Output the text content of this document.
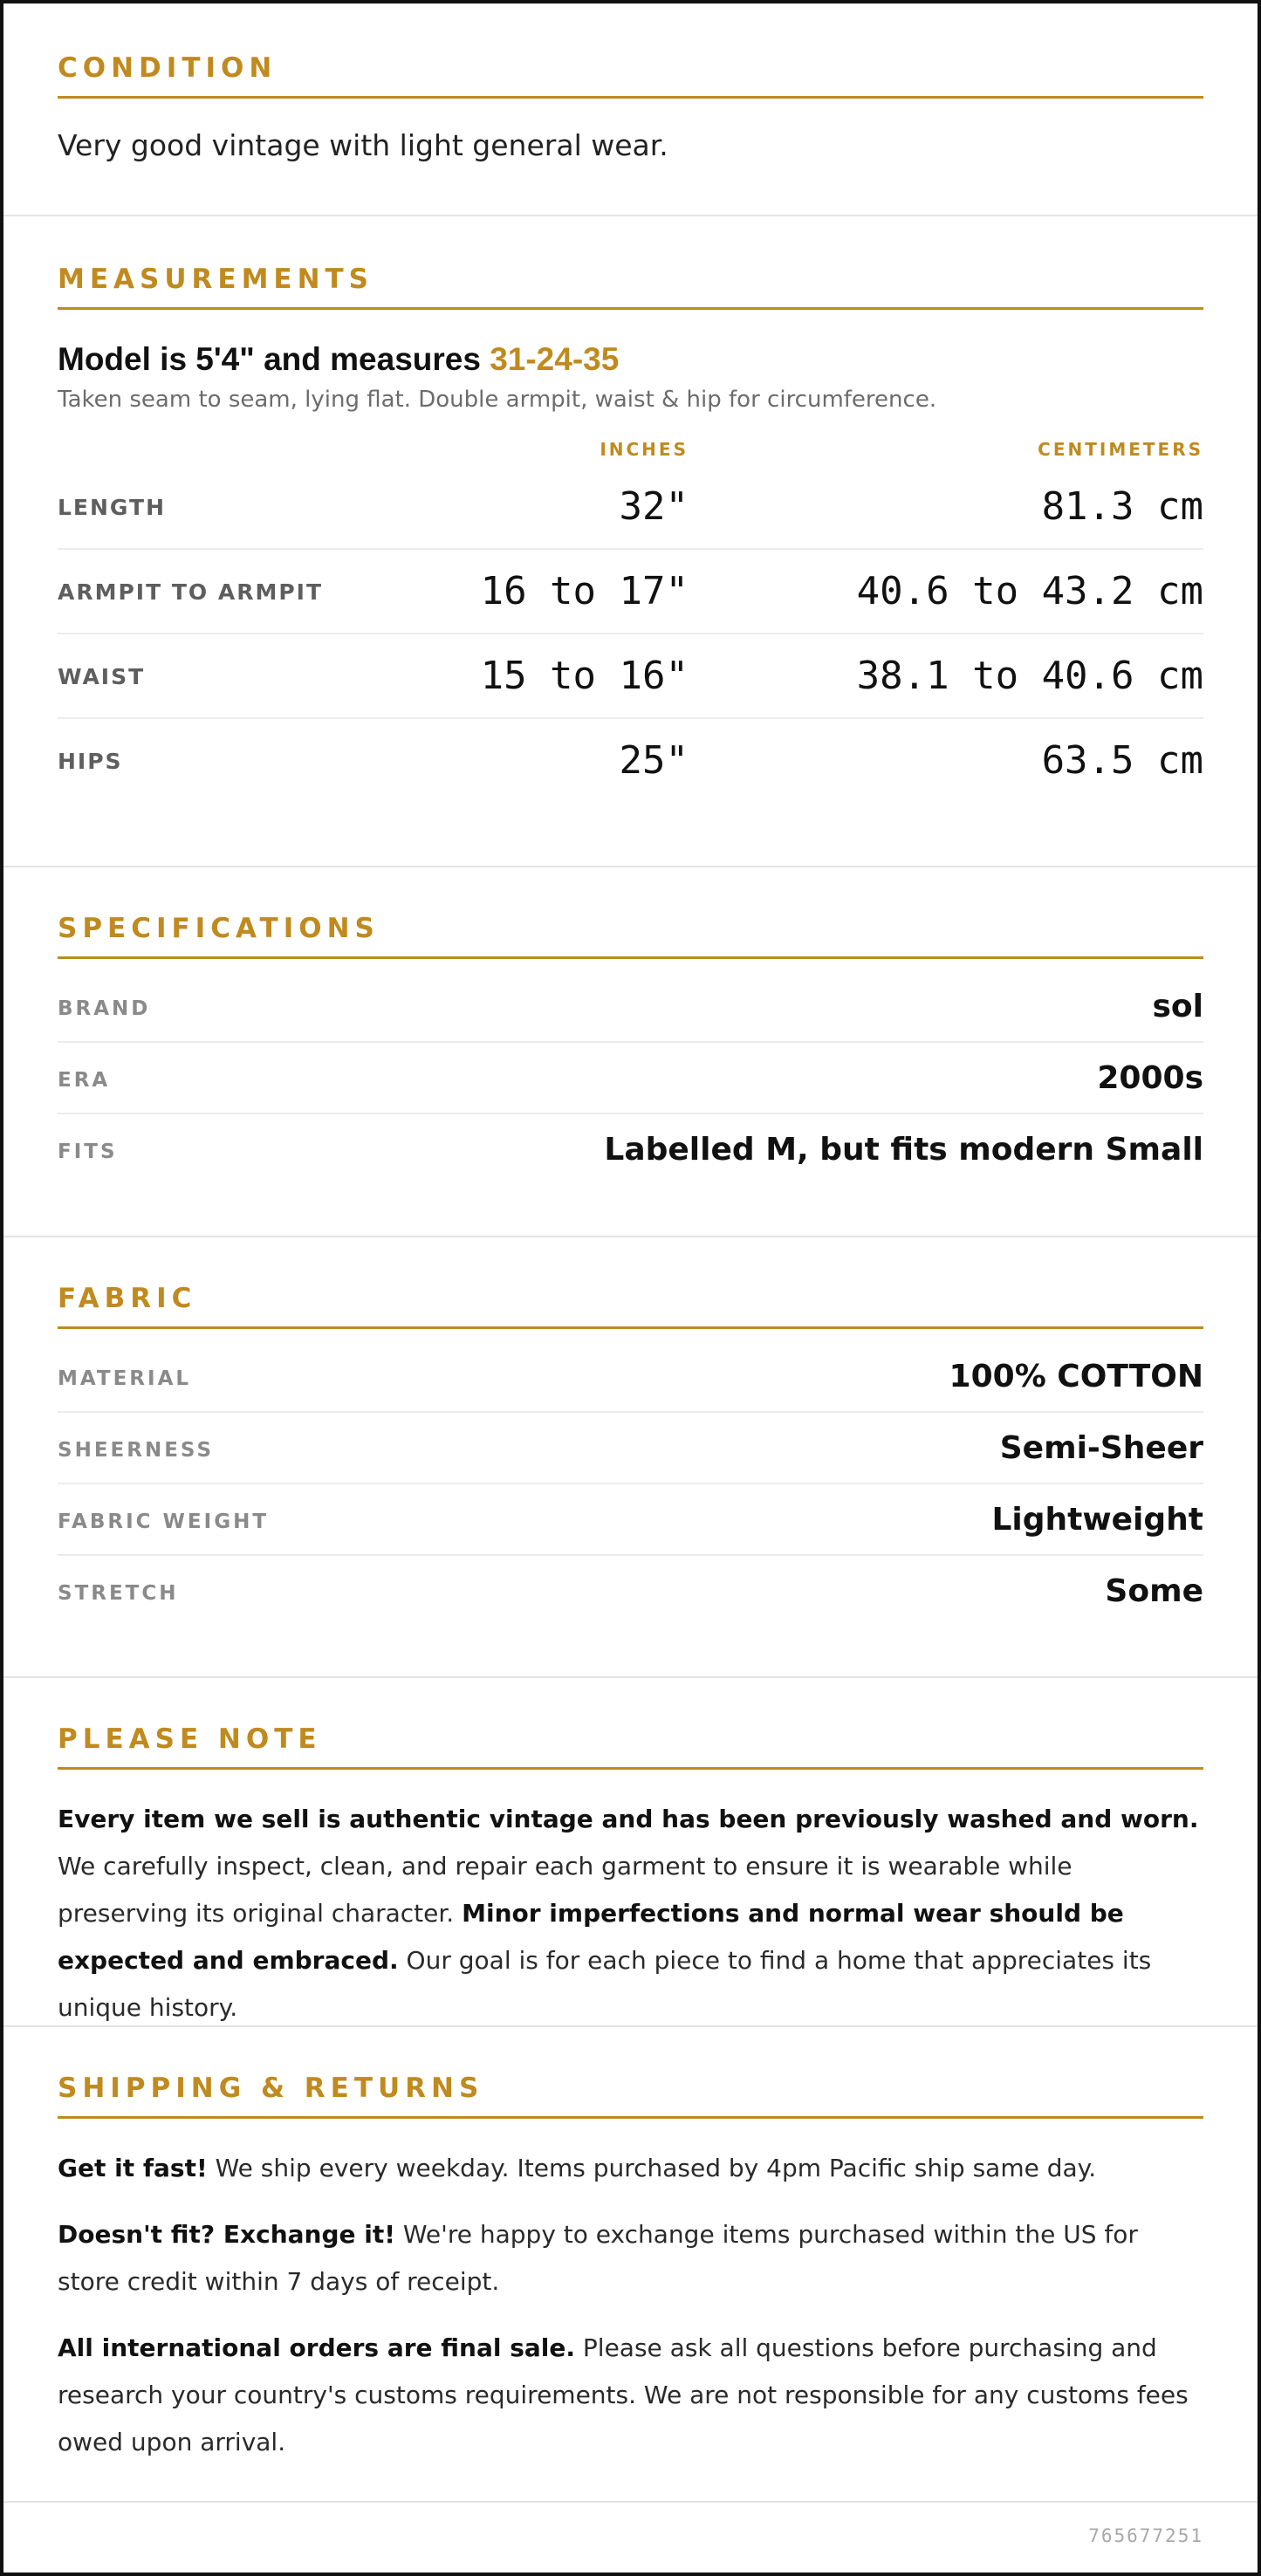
CONDITION
Very good vintage with light general wear.
MEASUREMENTS
Model is 5'4" and measures 31-24-35
Taken seam to seam, lying flat. Double armpit, waist & hip for circumference.
INCHES	CENTIMETERS
LENGTH	32"	81.3 cm
ARMPIT TO ARMPIT	16 to 17"	40.6 to 43.2 cm
WAIST	15 to 16"	38.1 to 40.6 cm
HIPS	25"	63.5 cm
SPECIFICATIONS
BRAND	sol
ERA	2000s
FITS	Labelled M, but fits modern Small
FABRIC
MATERIAL	100% COTTON
SHEERNESS	Semi-Sheer
FABRIC WEIGHT	Lightweight
STRETCH	Some
PLEASE NOTE
Every item we sell is authentic vintage and has been previously washed and worn. We carefully inspect, clean, and repair each garment to ensure it is wearable while preserving its original character. Minor imperfections and normal wear should be expected and embraced. Our goal is for each piece to find a home that appreciates its unique history.
SHIPPING & RETURNS
Get it fast! We ship every weekday. Items purchased by 4pm Pacific ship same day.
Doesn't fit? Exchange it! We're happy to exchange items purchased within the US for store credit within 7 days of receipt.
All international orders are final sale. Please ask all questions before purchasing and research your country's customs requirements. We are not responsible for any customs fees owed upon arrival.
765677251
